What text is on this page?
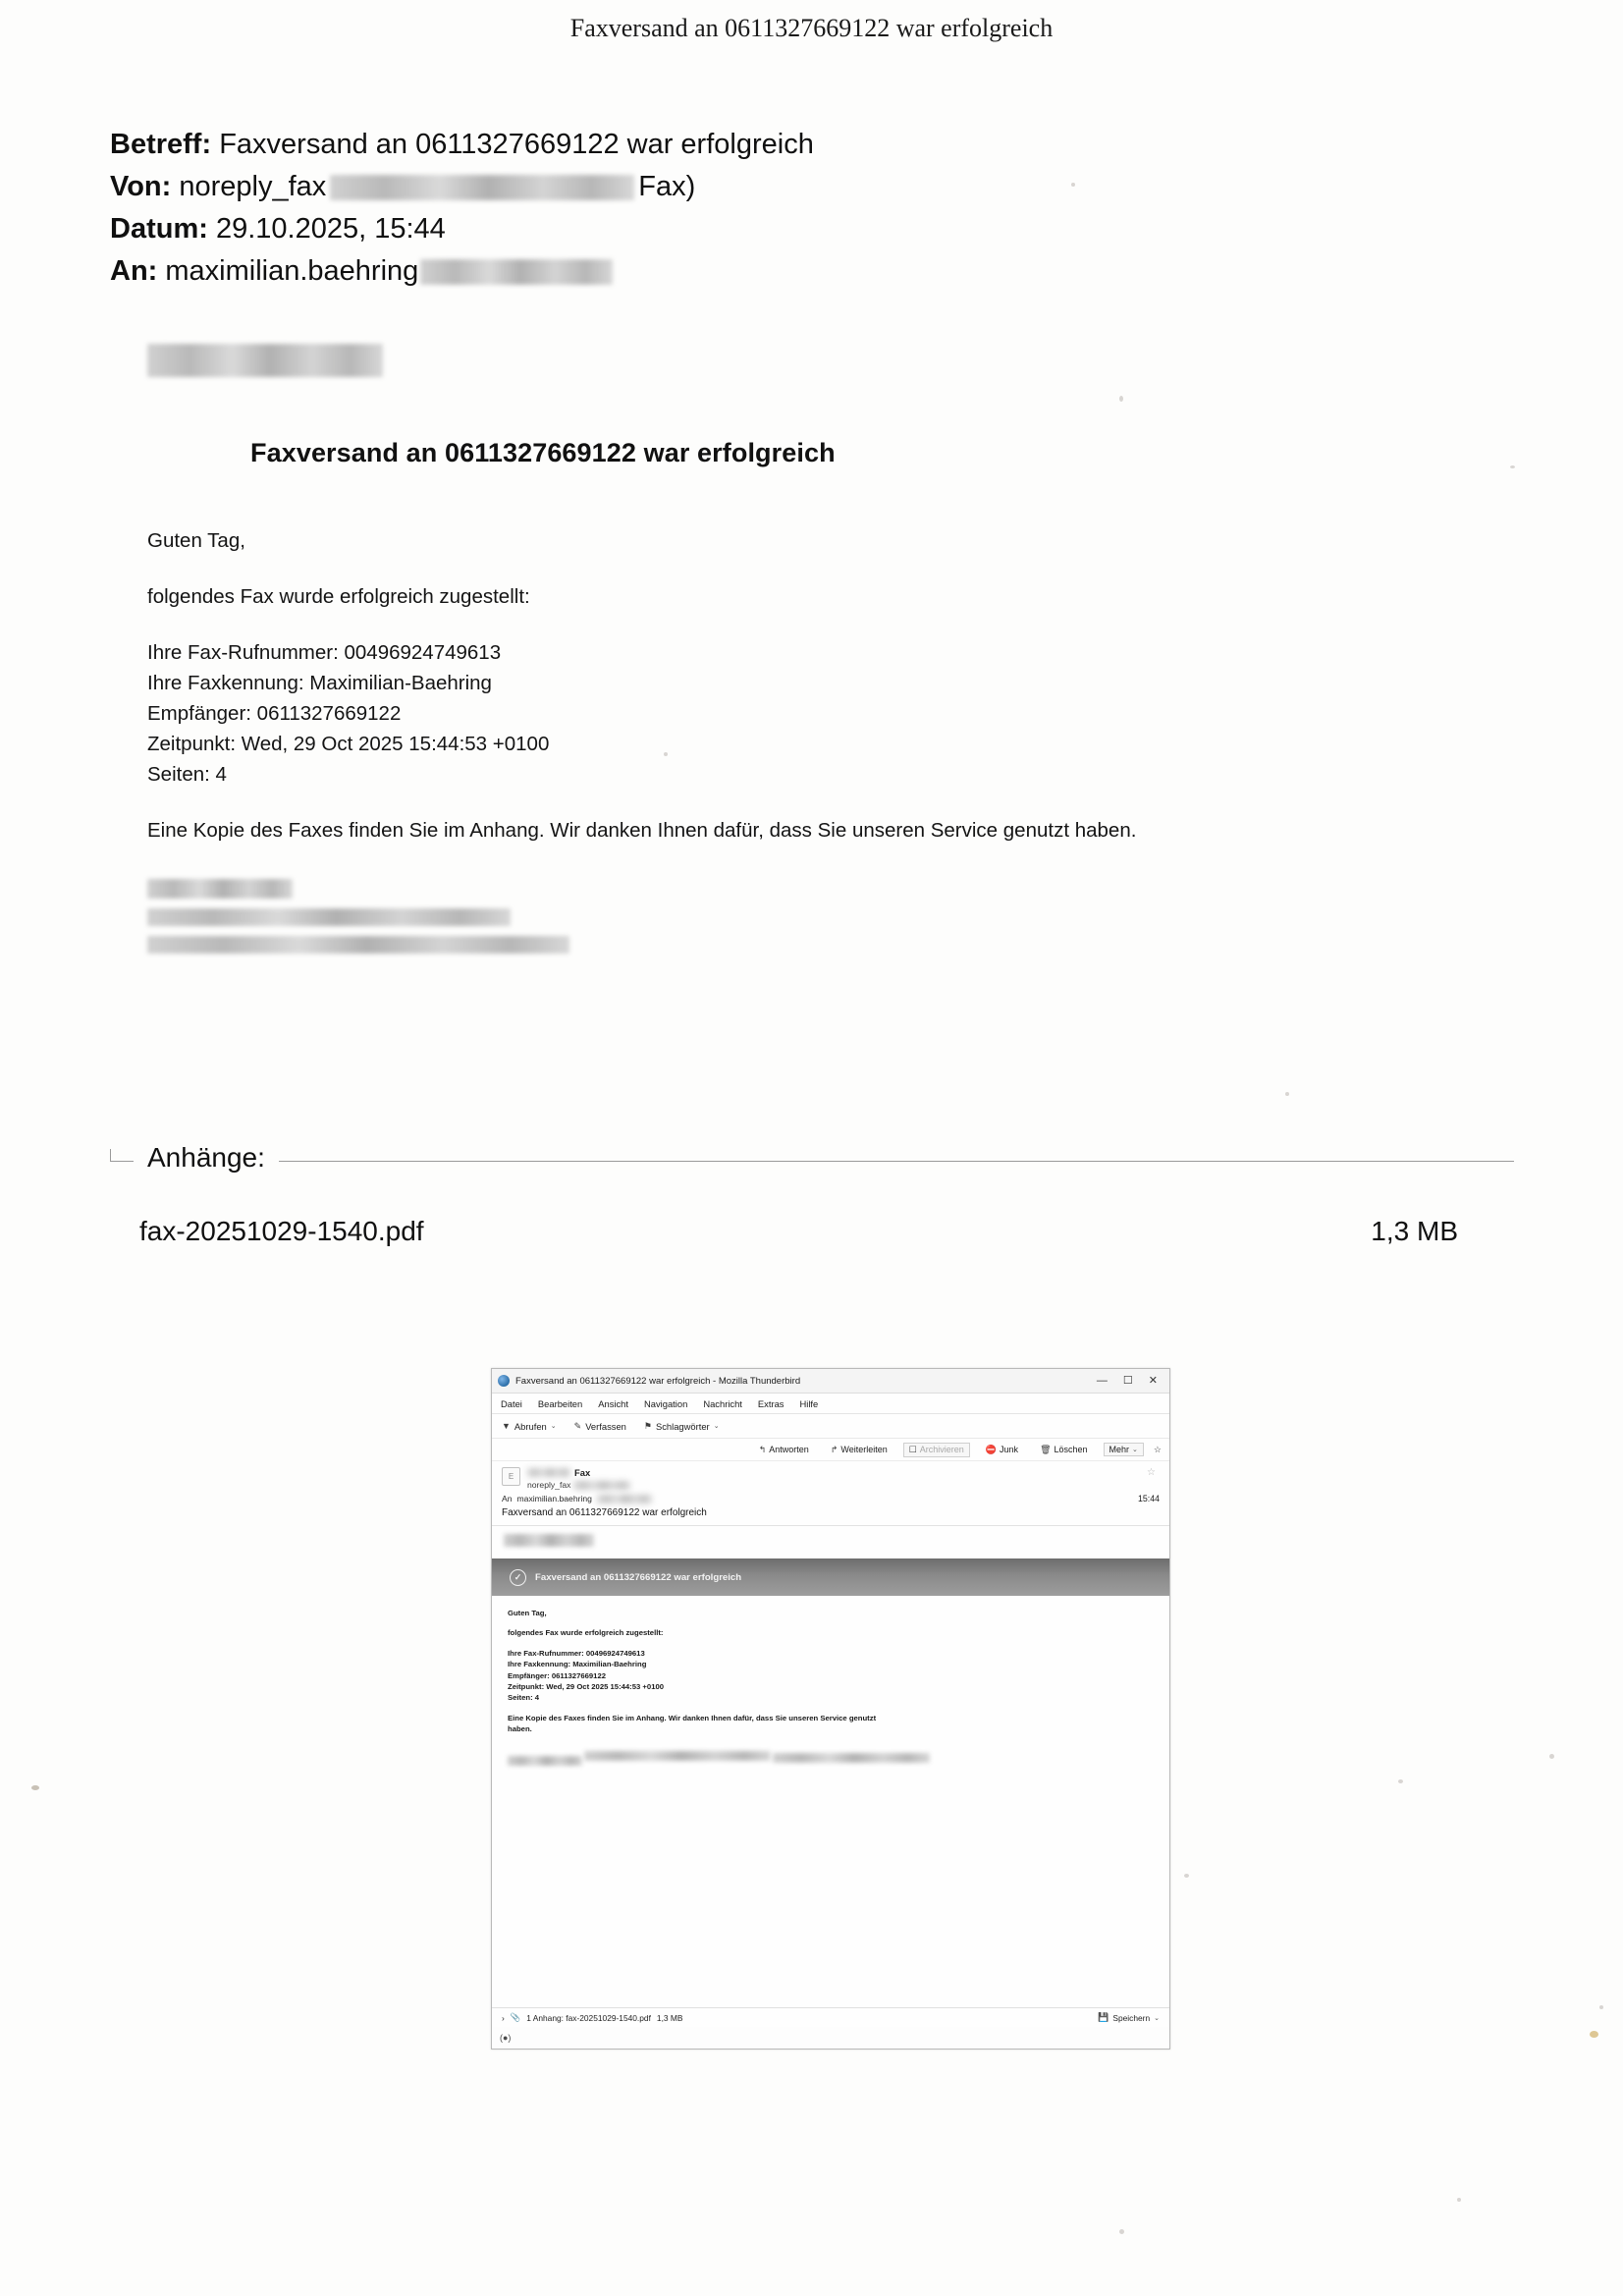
Faxversand an 0611327669122 war erfolgreich
Betreff: Faxversand an 0611327669122 war erfolgreich
Von: noreply_fax	Fax)
Datum: 29.10.2025, 15:44
An: maximilian.baehring
Faxversand an 0611327669122 war erfolgreich

Guten Tag,

folgendes Fax wurde erfolgreich zugestellt:

Ihre Fax-Rufnummer: 00496924749613
Ihre Faxkennung: Maximilian-Baehring
Empfänger: 0611327669122
Zeitpunkt: Wed, 29 Oct 2025 15:44:53 +0100
Seiten: 4

Eine Kopie des Faxes finden Sie im Anhang. Wir danken Ihnen dafür, dass Sie unseren Service genutzt haben.

Anhänge:
fax-20251029-1540.pdf	1,3 MB
Faxversand an 0611327669122 war erfolgreich - Mozilla Thunderbird	— ☐ ✕
Datei Bearbeiten Ansicht Navigation Nachricht Extras Hilfe
▼ Abrufen ⌄ ✎ Verfassen ⚑ Schlagwörter ⌄
↰ Antworten ↱ Weiterleiten ☐ Archivieren ⛔ Junk 🗑 Löschen Mehr ⌄ ☆
E	Fax
noreply_fax
☆
An maximilian.baehring	15:44
Faxversand an 0611327669122 war erfolgreich
✓	Faxversand an 0611327669122 war erfolgreich

Guten Tag,

folgendes Fax wurde erfolgreich zugestellt:

Ihre Fax-Rufnummer: 00496924749613
Ihre Faxkennung: Maximilian-Baehring
Empfänger: 0611327669122
Zeitpunkt: Wed, 29 Oct 2025 15:44:53 +0100
Seiten: 4

Eine Kopie des Faxes finden Sie im Anhang. Wir danken Ihnen dafür, dass Sie unseren Service genutzt haben.

› 📎 1 Anhang: fax-20251029-1540.pdf 1,3 MB	💾 Speichern ⌄
(●)
